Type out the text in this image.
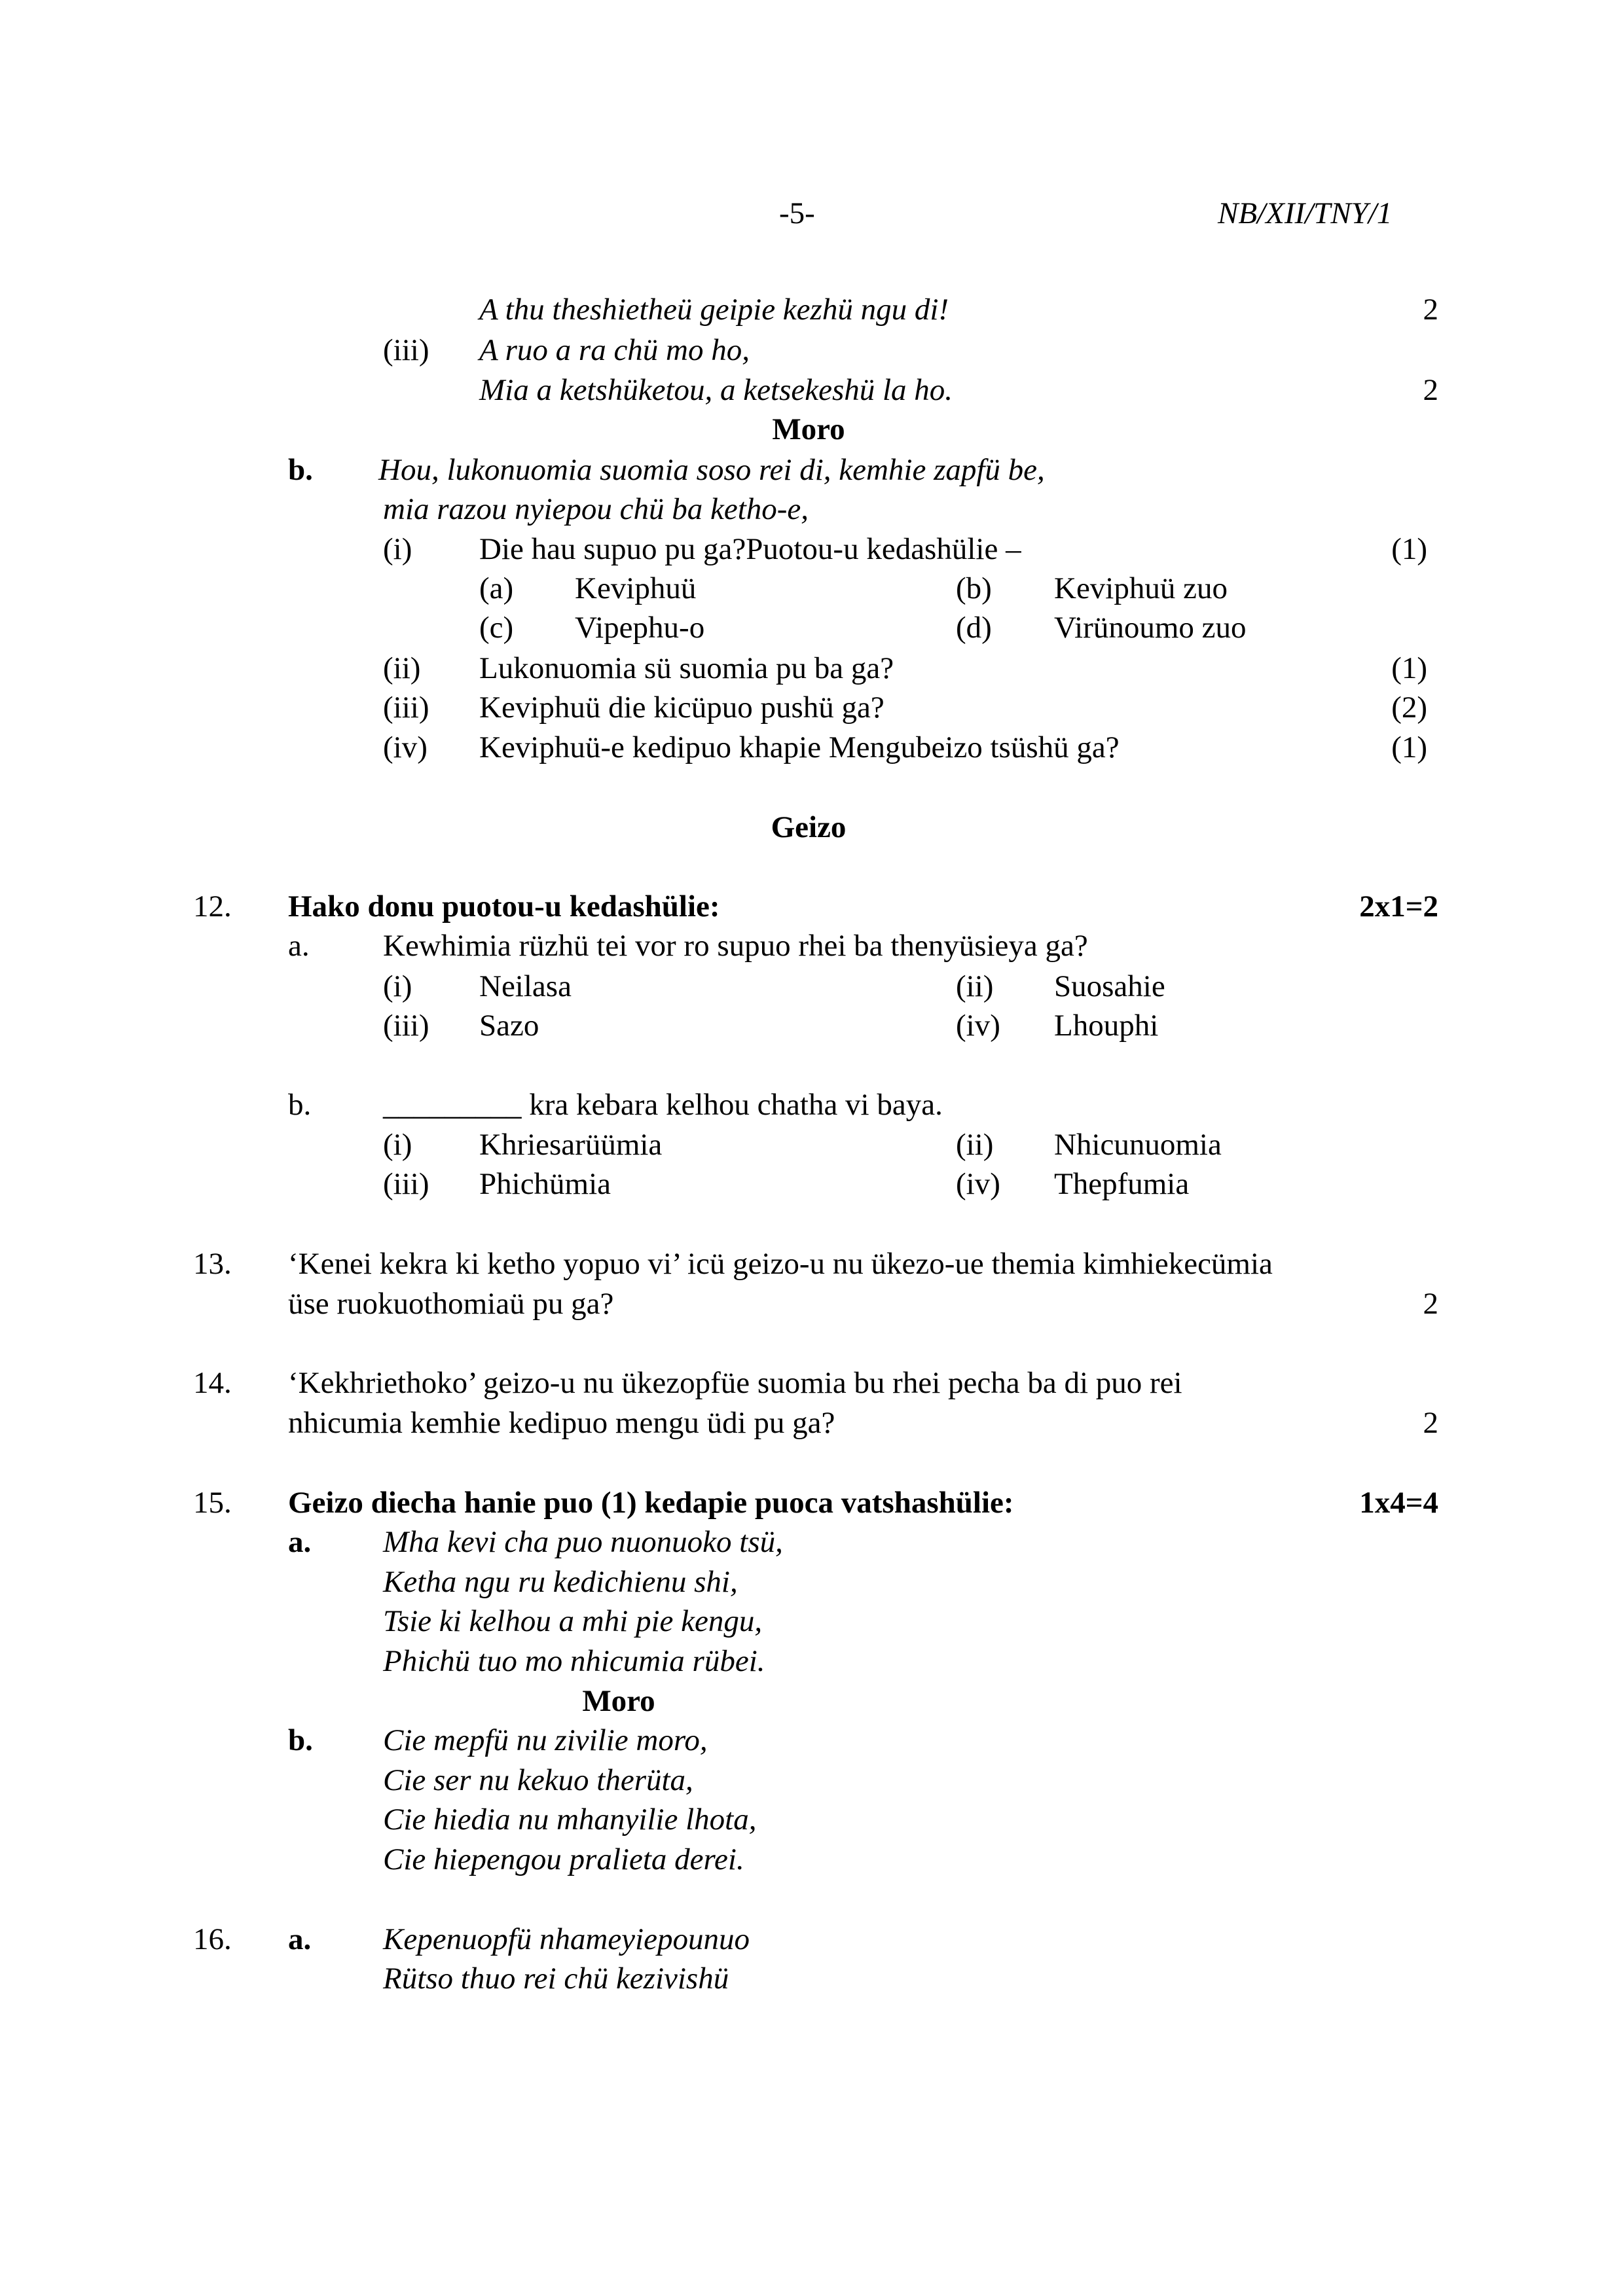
-5-	NB/XII/TNY/1
A thu theshietheü geipie kezhü ngu di!	2
(iii) A ruo a ra chü mo ho,
Mia a ketshüketou, a ketsekeshü la ho.	2
Moro
b. Hou, lukonuomia suomia soso rei di, kemhie zapfü be,
mia razou nyiepou chü ba ketho-e,
(i) Die hau supuo pu ga?Puotou-u kedashülie –	(1)
(a) Keviphuü	(b) Keviphuü zuo
(c) Vipephu-o	(d) Virünoumo zuo
(ii) Lukonuomia sü suomia pu ba ga?	(1)
(iii) Keviphuü die kicüpuo pushü ga?	(2)
(iv) Keviphuü-e kedipuo khapie Mengubeizo tsüshü ga?	(1)
Geizo
12. Hako donu puotou-u kedashülie:	2x1=2
a. Kewhimia rüzhü tei vor ro supuo rhei ba thenyüsieya ga?
(i) Neilasa	(ii) Suosahie
(iii) Sazo	(iv) Lhouphi
b. _________ kra kebara kelhou chatha vi baya.
(i) Khriesarüümia	(ii) Nhicunuomia
(iii) Phichümia	(iv) Thepfumia
13. ‘Kenei kekra ki ketho yopuo vi’ icü geizo-u nu ükezo-ue themia kimhiekecümia
üse ruokuothomiaü pu ga?	2
14. ‘Kekhriethoko’ geizo-u nu ükezopfüe suomia bu rhei pecha ba di puo rei
nhicumia kemhie kedipuo mengu üdi pu ga?	2
15. Geizo diecha hanie puo (1) kedapie puoca vatshashülie:	1x4=4
a. Mha kevi cha puo nuonuoko tsü,
Ketha ngu ru kedichienu shi,
Tsie ki kelhou a mhi pie kengu,
Phichü tuo mo nhicumia rübei.
Moro
b. Cie mepfü nu zivilie moro,
Cie ser nu kekuo therüta,
Cie hiedia nu mhanyilie lhota,
Cie hiepengou pralieta derei.
16. a. Kepenuopfü nhameyiepounuo
Rütso thuo rei chü kezivishü
